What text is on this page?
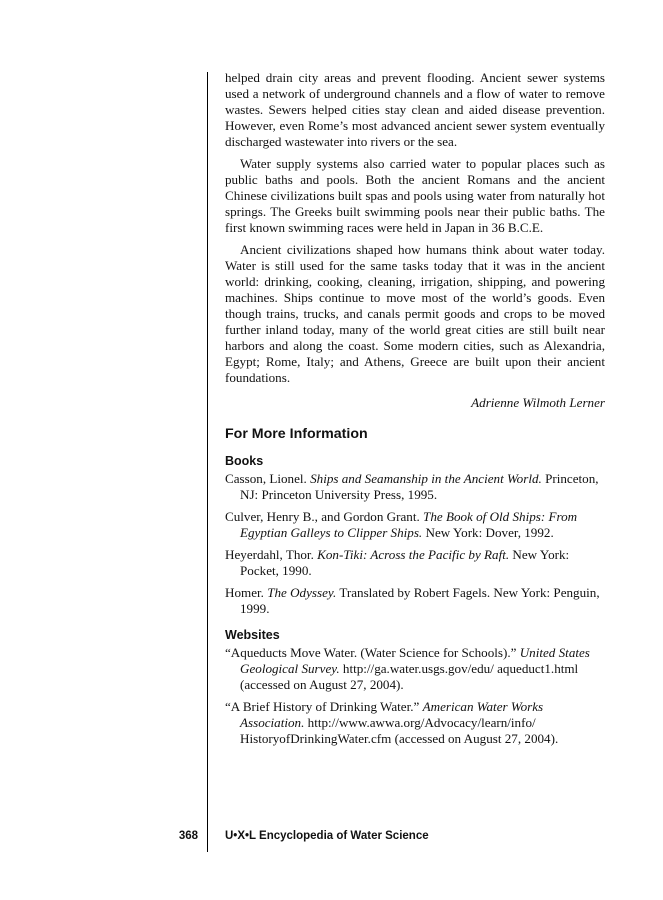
helped drain city areas and prevent flooding. Ancient sewer systems used a network of underground channels and a flow of water to remove wastes. Sewers helped cities stay clean and aided disease prevention. However, even Rome’s most advanced ancient sewer system eventually discharged wastewater into rivers or the sea.

Water supply systems also carried water to popular places such as public baths and pools. Both the ancient Romans and the ancient Chinese civilizations built spas and pools using water from naturally hot springs. The Greeks built swimming pools near their public baths. The first known swimming races were held in Japan in 36 B.C.E.

Ancient civilizations shaped how humans think about water today. Water is still used for the same tasks today that it was in the ancient world: drinking, cooking, cleaning, irrigation, shipping, and powering machines. Ships continue to move most of the world’s goods. Even though trains, trucks, and canals permit goods and crops to be moved further inland today, many of the world great cities are still built near harbors and along the coast. Some modern cities, such as Alexandria, Egypt; Rome, Italy; and Athens, Greece are built upon their ancient foundations.

Adrienne Wilmoth Lerner

For More Information
Books

Casson, Lionel. Ships and Seamanship in the Ancient World. Princeton, NJ: Princeton University Press, 1995.

Culver, Henry B., and Gordon Grant. The Book of Old Ships: From Egyptian Galleys to Clipper Ships. New York: Dover, 1992.

Heyerdahl, Thor. Kon-Tiki: Across the Pacific by Raft. New York: Pocket, 1990.

Homer. The Odyssey. Translated by Robert Fagels. New York: Penguin, 1999.

Websites

“Aqueducts Move Water. (Water Science for Schools).” United States Geological Survey. http://ga.water.usgs.gov/edu/ aqueduct1.html (accessed on August 27, 2004).

“A Brief History of Drinking Water.” American Water Works Association. http://www.awwa.org/Advocacy/learn/info/ HistoryofDrinkingWater.cfm (accessed on August 27, 2004).

368 U•X•L Encyclopedia of Water Science
